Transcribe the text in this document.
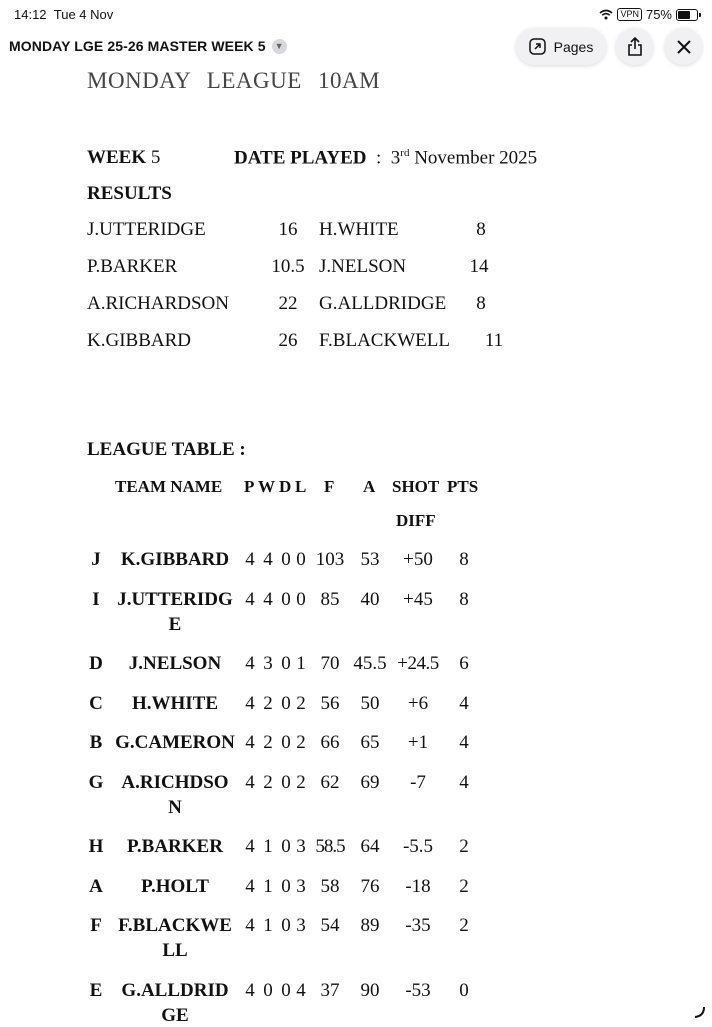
14:12 Tue 4 Nov	VPN 75%
MONDAY LGE 25-26 MASTER WEEK 5 ▼	Pages
MONDAY LEAGUE 10AM
WEEK 5	DATE PLAYED : 3rd November 2025
RESULTS
J.UTTERIDGE	16	H.WHITE	8
P.BARKER	10.5 J.NELSON	14
A.RICHARDSON	22	G.ALLDRIDGE	8
K.GIBBARD	26	F.BLACKWELL	11
LEAGUE TABLE :
TEAM NAME P W D L F A SHOT PTS
DIFF
J	K.GIBBARD 4 4 0 0 103 53	+50	8
I J.UTTERIDG 4 4 0 0 85	40	+45	8
E
D	J.NELSON	4 3 0 1 70 45.5 +24.5	6
C	H.WHITE	4 2 0 2 56	50	+6	4
B G.CAMERON 4 2 0 2 66	65	+1	4
G A.RICHDSO 4 2 0 2 62	69	-7	4
N
H	P.BARKER	4 1 0 3 58.5 64	-5.5	2
A	P.HOLT	4 1 0 3 58	76	-18	2
F F.BLACKWE 4 1 0 3 54	89	-35	2
LL
E	G.ALLDRID 4 0 0 4 37	90	-53	0
GE
